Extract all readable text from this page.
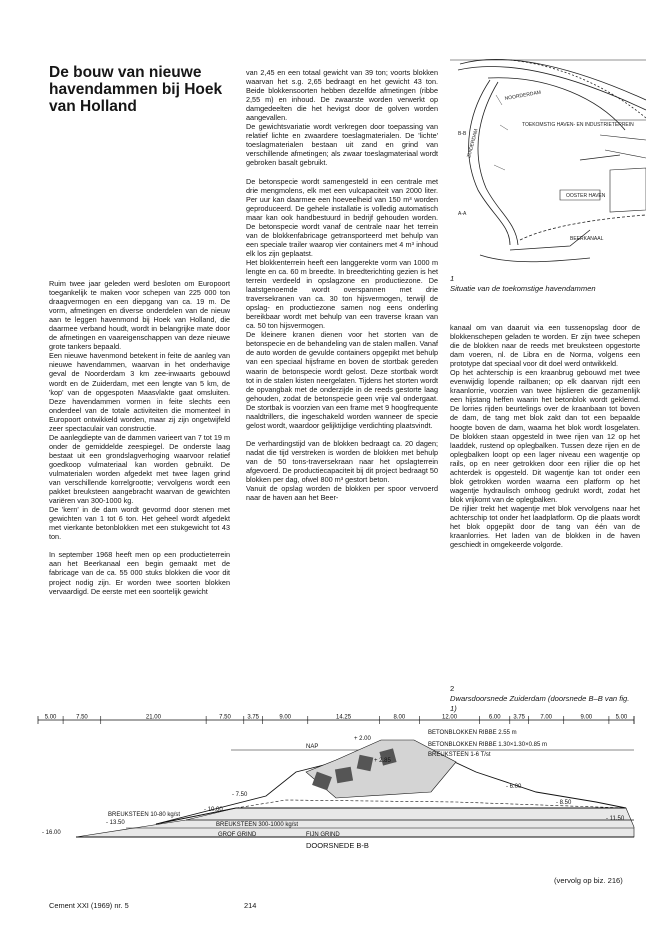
De bouw van nieuwe havendammen bij Hoek van Holland

Ruim twee jaar geleden werd besloten om Europoort toegankelijk te maken voor schepen van 225 000 ton draagvermogen en een diepgang van ca. 19 m. De vorm, afmetingen en diverse onderdelen van de nieuw aan te leggen havenmond bij Hoek van Holland, die daarmee verband houdt, wordt in belangrijke mate door de afmetingen en vaareigenschappen van deze nieuwe grote tankers bepaald.

Een nieuwe havenmond betekent in feite de aanleg van nieuwe havendammen, waarvan in het onderhavige geval de Noorderdam 3 km zee-inwaarts gebouwd wordt en de Zuiderdam, met een lengte van 5 km, de 'kop' van de opgespoten Maasvlakte gaat omsluiten. Deze havendammen vormen in feite slechts een onderdeel van de totale activiteiten die momenteel in Europoort ontwikkeld worden, maar zij zijn ongetwijfeld zeer spectaculair van constructie.

De aanlegdiepte van de dammen varieert van 7 tot 19 m onder de gemiddelde zeespiegel. De onderste laag bestaat uit een grondslagverhoging waarvoor relatief goedkoop vulmateriaal kan worden gebruikt. De vulmaterialen worden afgedekt met twee lagen grind van verschillende korrelgrootte; vervolgens wordt een pakket breuksteen aangebracht waarvan de gewichten variëren van 300-1000 kg.

De 'kern' in de dam wordt gevormd door stenen met gewichten van 1 tot 6 ton. Het geheel wordt afgedekt met vierkante betonblokken met een stukgewicht tot 43 ton.

In september 1968 heeft men op een productieterrein aan het Beerkanaal een begin gemaakt met de fabricage van de ca. 55 000 stuks blokken die voor dit project nodig zijn. Er worden twee soorten blokken vervaardigd. De eerste met een soortelijk gewicht

van 2,45 en een totaal gewicht van 39 ton; voorts blokken waarvan het s.g. 2,65 bedraagt en het gewicht 43 ton. Beide blokkensoorten hebben dezelfde afmetingen (ribbe 2,55 m) en inhoud. De zwaarste worden verwerkt op damgedeelten die het hevigst door de golven worden aangevallen.

De gewichtsvariatie wordt verkregen door toepassing van relatief lichte en zwaardere toeslagmaterialen. De 'lichte' toeslagmaterialen bestaan uit zand en grind van verschillende afmetingen; als zwaar toeslagmateriaal wordt gebroken basalt gebruikt.

De betonspecie wordt samengesteld in een centrale met drie mengmolens, elk met een vulcapaciteit van 2000 liter. Per uur kan daarmee een hoeveelheid van 150 m³ worden geproduceerd. De gehele installatie is volledig automatisch maar kan ook handbestuurd in bedrijf gehouden worden. De betonspecie wordt vanaf de centrale naar het terrein van de blokkenfabricage getransporteerd met behulp van een speciale trailer waarop vier containers met 4 m³ inhoud elk los zijn geplaatst.

Het blokkenterrein heeft een langgerekte vorm van 1000 m lengte en ca. 60 m breedte. In breedterichting gezien is het terrein verdeeld in opslagzone en productiezone. De laatstgenoemde wordt overspannen met drie traversekranen van ca. 30 ton hijsvermogen, terwijl de opslag- en productiezone samen nog eens onderling bereikbaar wordt met behulp van een traverse kraan van ca. 50 ton hijsvermogen.

De kleinere kranen dienen voor het storten van de betonspecie en de behandeling van de stalen mallen. Vanaf de auto worden de gevulde containers opgepikt met behulp van een speciaal hijsframe en boven de stortbak gereden waarin de betonspecie wordt gelost. Deze stortbak wordt tot in de stalen kisten neergelaten. Tijdens het storten wordt de opvangbak met de onderzijde in de reeds gestorte laag gehouden, zodat de betonspecie geen vrije val ondergaat. De stortbak is voorzien van een frame met 9 hoogfrequente naaldtrillers, die ingeschakeld worden wanneer de specie gelost wordt, waardoor gelijktijdige verdichting plaatsvindt.

De verhardingstijd van de blokken bedraagt ca. 20 dagen; nadat die tijd verstreken is worden de blokken met behulp van de 50 tons-traversekraan naar het opslagterrein afgevoerd. De productiecapaciteit bij dit project bedraagt 50 blokken per dag, ofwel 800 m³ gestort beton.

Vanuit de opslag worden de blokken per spoor vervoerd naar de haven aan het Beer-

kanaal om van daaruit via een tussenopslag door de blokkenschepen geladen te worden. Er zijn twee schepen die de blokken naar de reeds met breuksteen opgestorte dam voeren, nl. de Libra en de Norma, volgens een prototype dat speciaal voor dit doel werd ontwikkeld.

Op het achterschip is een kraanbrug gebouwd met twee evenwijdig lopende railbanen; op elk daarvan rijdt een kraanlorrie, voorzien van twee hijslieren die gezamenlijk een hijstang heffen waarin het betonblok wordt geklemd. De lorries rijden beurtelings over de kraanbaan tot boven de dam, de tang met blok zakt dan tot een bepaalde hoogte boven de dam, waarna het blok wordt losgelaten. De blokken staan opgesteld in twee rijen van 12 op het laaddek, rustend op oplegbalken. Tussen deze rijen en de oplegbalken loopt op een lager niveau een wagentje op rails, op en neer getrokken door een rijlier die op het achterdek is opgesteld. Dit wagentje kan tot onder een blok getrokken worden waarna een platform op het wagentje hydraulisch omhoog gedrukt wordt, zodat het blok vrijkomt van de oplegbalken.

De rijlier trekt het wagentje met blok vervolgens naar het achterschip tot onder het laadplatform. Op die plaats wordt het blok opgepikt door de tang van één van de kraanlorries. Het laden van de blokken in de haven geschiedt in omgekeerde volgorde.

NOORDERDAM
TOEKOMSTIG HAVEN- EN INDUSTRIETERREIN
OOSTER HAVEN
ZUIDERDAM
BEERKANAAL
A-A
B-B
1
Situatie van de toekomstige havendammen
2
Dwarsdoorsnede Zuiderdam (doorsnede B–B van fig. 1)
5.00	7.50	21.00	7.50	3.75	9.00	14.25	8.00	12.00	6.00 3.75	7.00	9.00	5.00
NAP
+ 2.00
+ 2.85
- 6.00
- 8.50
- 11.50
- 7.50
- 10.00
- 13.50
- 16.00
BETONBLOKKEN RIBBE 2.55 m
BETONBLOKKEN RIBBE 1.30×1.30×0.85 m
BREUKSTEEN 1-6 T/st
BREUKSTEEN 10-80 kg/st
BREUKSTEEN 300-1000 kg/st
GROF GRIND	FIJN GRIND
DOORSNEDE B-B
(vervolg op biz. 216)
Cement XXI (1969) nr. 5	214
